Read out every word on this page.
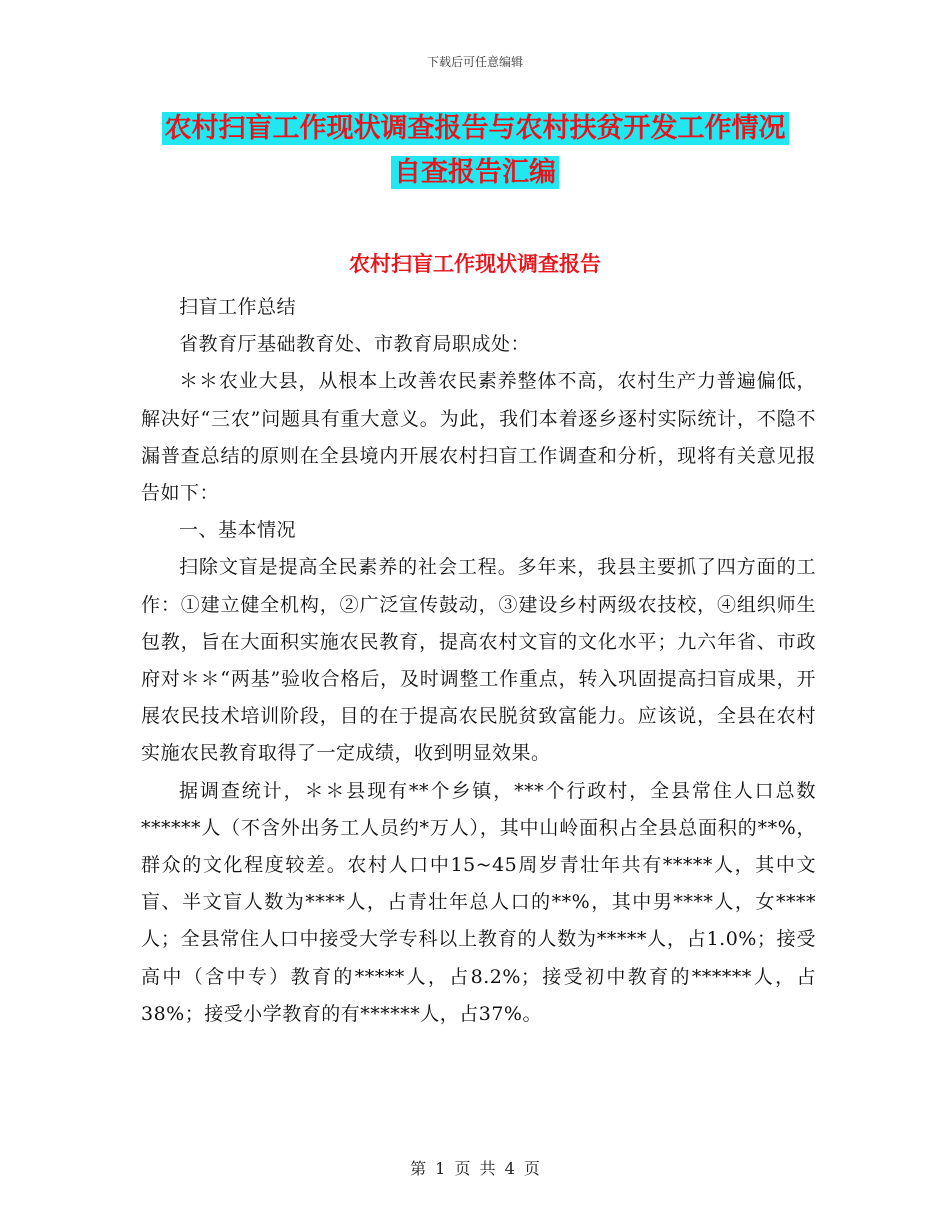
下载后可任意编辑
农村扫盲工作现状调查报告与农村扶贫开发工作情况
自查报告汇编
农村扫盲工作现状调查报告

扫盲工作总结

省教育厅基础教育处、市教育局职成处：

＊＊农业大县，从根本上改善农民素养整体不高，农村生产力普遍偏低，解决好“三农”问题具有重大意义。为此，我们本着逐乡逐村实际统计，不隐不漏普查总结的原则在全县境内开展农村扫盲工作调查和分析，现将有关意见报告如下：

一、基本情况

扫除文盲是提高全民素养的社会工程。多年来，我县主要抓了四方面的工作：①建立健全机构，②广泛宣传鼓动，③建设乡村两级农技校，④组织师生包教，旨在大面积实施农民教育，提高农村文盲的文化水平；九六年省、市政府对＊＊“两基”验收合格后，及时调整工作重点，转入巩固提高扫盲成果，开展农民技术培训阶段，目的在于提高农民脱贫致富能力。应该说，全县在农村实施农民教育取得了一定成绩，收到明显效果。

据调查统计，＊＊县现有**个乡镇，***个行政村，全县常住人口总数******人（不含外出务工人员约*万人），其中山岭面积占全县总面积的**%，群众的文化程度较差。农村人口中15~45周岁青壮年共有*****人，其中文盲、半文盲人数为****人，占青壮年总人口的**%，其中男****人，女****人；全县常住人口中接受大学专科以上教育的人数为*****人，占1.0%；接受高中（含中专）教育的*****人，占8.2%；接受初中教育的******人，占38%；接受小学教育的有******人，占37%。

第 1 页 共 4 页
